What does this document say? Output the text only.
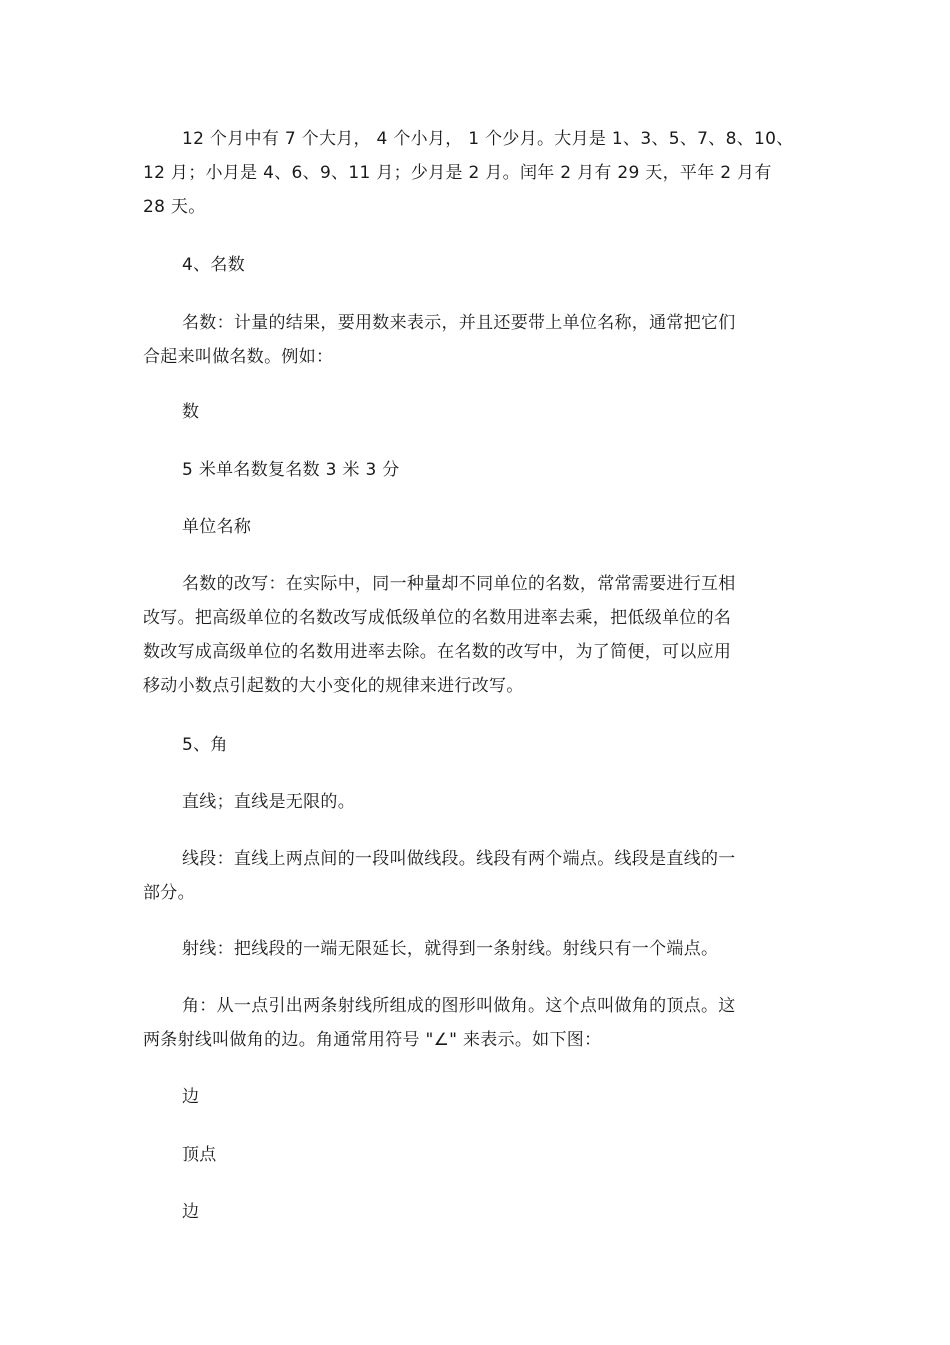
12 个月中有 7 个大月， 4 个小月， 1 个少月。大月是 1、3、5、7、8、10、
12 月；小月是 4、6、9、11 月；少月是 2 月。闰年 2 月有 29 天，平年 2 月有
28 天。
4、名数
名数：计量的结果，要用数来表示，并且还要带上单位名称，通常把它们
合起来叫做名数。例如：
数
5 米单名数复名数 3 米 3 分
单位名称
名数的改写：在实际中，同一种量却不同单位的名数，常常需要进行互相
改写。把高级单位的名数改写成低级单位的名数用进率去乘，把低级单位的名
数改写成高级单位的名数用进率去除。在名数的改写中，为了简便，可以应用
移动小数点引起数的大小变化的规律来进行改写。
5、角
直线；直线是无限的。
线段：直线上两点间的一段叫做线段。线段有两个端点。线段是直线的一
部分。
射线：把线段的一端无限延长，就得到一条射线。射线只有一个端点。
角：从一点引出两条射线所组成的图形叫做角。这个点叫做角的顶点。这
两条射线叫做角的边。角通常用符号 "∠" 来表示。如下图：
边
顶点
边
